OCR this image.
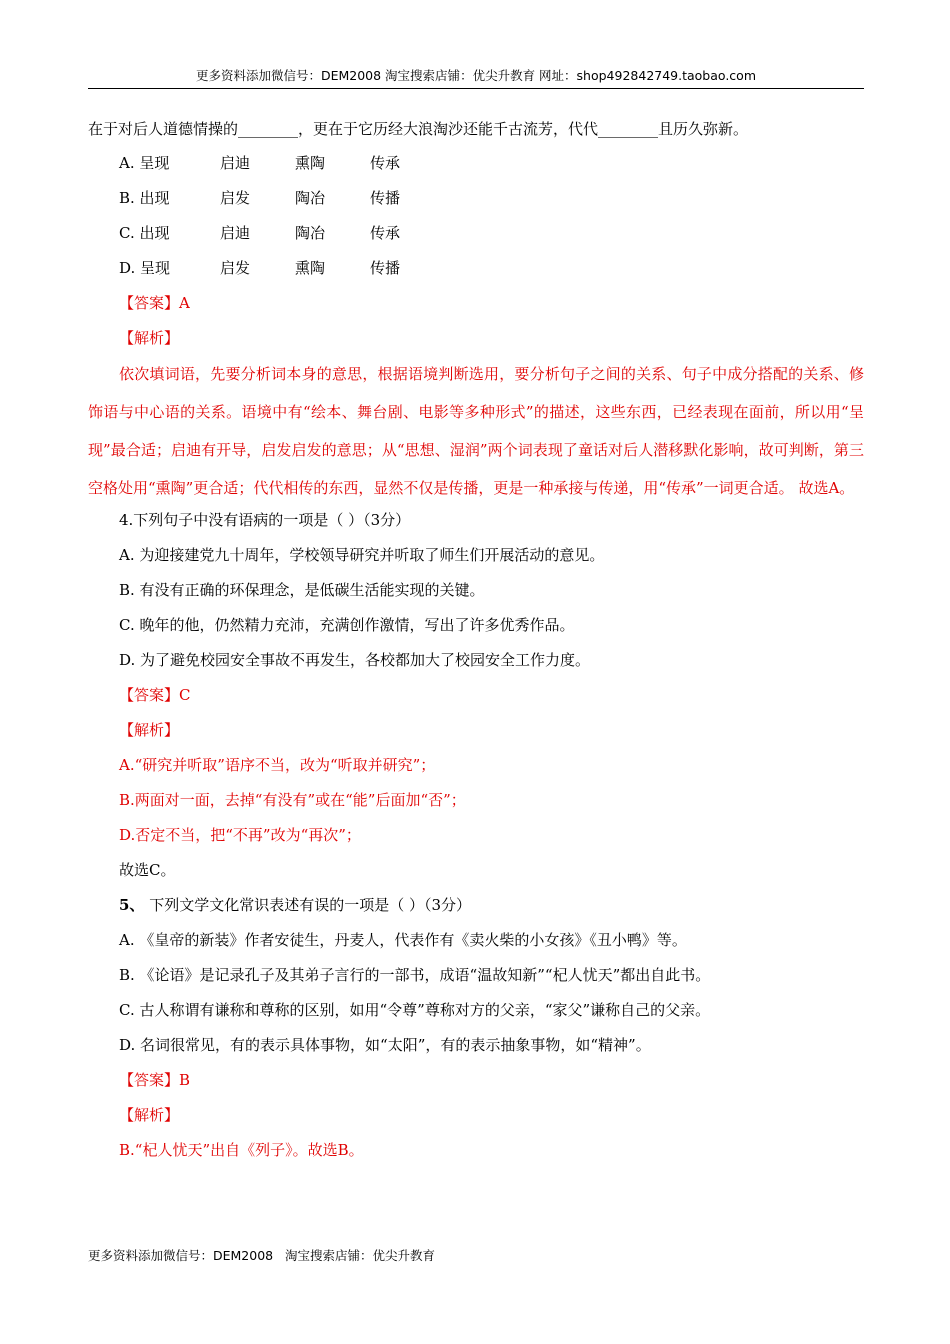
更多资料添加微信号：DEM2008 淘宝搜索店铺：优尖升教育 网址：shop492842749.taobao.com
在于对后人道德情操的________，更在于它历经大浪淘沙还能千古流芳，代代________且历久弥新。
A. 呈现	启迪	熏陶	传承
B. 出现	启发	陶冶	传播
C. 出现	启迪	陶冶	传承
D. 呈现	启发	熏陶	传播
【答案】A
【解析】

依次填词语，先要分析词本身的意思，根据语境判断选用，要分析句子之间的关系、句子中成分搭配的关系、修饰语与中心语的关系。语境中有“绘本、舞台剧、电影等多种形式”的描述，这些东西，已经表现在面前，所以用“呈现”最合适；启迪有开导，启发启发的意思；从“思想、湿润”两个词表现了童话对后人潜移默化影响，故可判断，第三空格处用“熏陶”更合适；代代相传的东西，显然不仅是传播，更是一种承接与传递，用“传承”一词更合适。 故选A。

4.下列句子中没有语病的一项是（ ）（3分）
A. 为迎接建党九十周年，学校领导研究并听取了师生们开展活动的意见。
B. 有没有正确的环保理念，是低碳生活能实现的关键。
C. 晚年的他，仍然精力充沛，充满创作激情，写出了许多优秀作品。
D. 为了避免校园安全事故不再发生，各校都加大了校园安全工作力度。
【答案】C
【解析】
A.“研究并听取”语序不当，改为“听取并研究”；
B.两面对一面，去掉“有没有”或在“能”后面加“否”；
D.否定不当，把“不再”改为“再次”；
故选C。
5、 下列文学文化常识表述有误的一项是（ ）（3分）
A. 《皇帝的新装》作者安徒生，丹麦人，代表作有《卖火柴的小女孩》《丑小鸭》等。
B. 《论语》是记录孔子及其弟子言行的一部书，成语“温故知新”“杞人忧天”都出自此书。
C. 古人称谓有谦称和尊称的区别，如用“令尊”尊称对方的父亲，“家父”谦称自己的父亲。
D. 名词很常见，有的表示具体事物，如“太阳”，有的表示抽象事物，如“精神”。
【答案】B
【解析】
B.“杞人忧天”出自《列子》。故选B。
更多资料添加微信号：DEM2008   淘宝搜索店铺：优尖升教育
